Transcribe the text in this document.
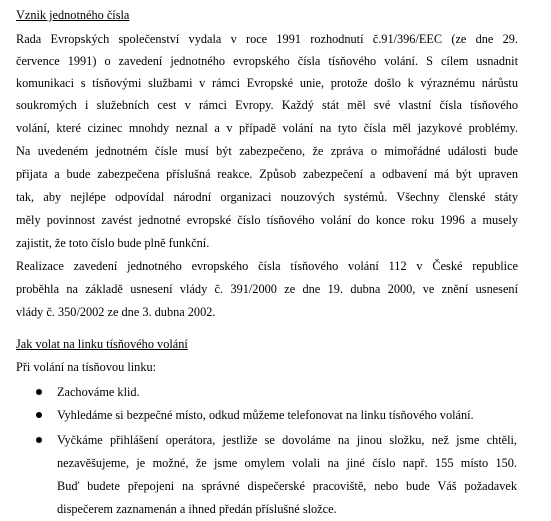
Vznik jednotného čísla
Rada Evropských společenství vydala v roce 1991 rozhodnutí č.91/396/EEC (ze dne 29.
července 1991) o zavedení jednotného evropského čísla tísňového volání. S cílem usnadnit
komunikaci s tísňovými službami v rámci Evropské unie, protože došlo k výraznému nárůstu
soukromých i služebních cest v rámci Evropy. Každý stát měl své vlastní čísla tísňového
volání, které cizinec mnohdy neznal a v případě volání na tyto čísla měl jazykové problémy.
Na uvedeném jednotném čísle musí být zabezpečeno, že zpráva o mimořádné události bude
přijata a bude zabezpečena příslušná reakce. Způsob zabezpečení a odbavení má být upraven
tak, aby nejlépe odpovídal národní organizaci nouzových systémů. Všechny členské státy
měly povinnost zavést jednotné evropské číslo tísňového volání do konce roku 1996 a musely
zajistit, že toto číslo bude plně funkční.
Realizace zavedení jednotného evropského čísla tísňového volání 112 v České republice
proběhla na základě usnesení vlády č. 391/2000 ze dne 19. dubna 2000, ve znění usnesení
vlády č. 350/2002 ze dne 3. dubna 2002.
Jak volat na linku tísňového volání
Při volání na tísňovou linku:
Zachováme klid.
Vyhledáme si bezpečné místo, odkud můžeme telefonovat na linku tísňového volání.
Vyčkáme přihlášení operátora, jestliže se dovoláme na jinou složku, než jsme chtěli,
nezavěšujeme, je možné, že jsme omylem volali na jiné číslo např. 155 místo 150.
Buď budete přepojeni na správné dispečerské pracoviště, nebo bude Váš požadavek
dispečerem zaznamenán a ihned předán příslušné složce.
